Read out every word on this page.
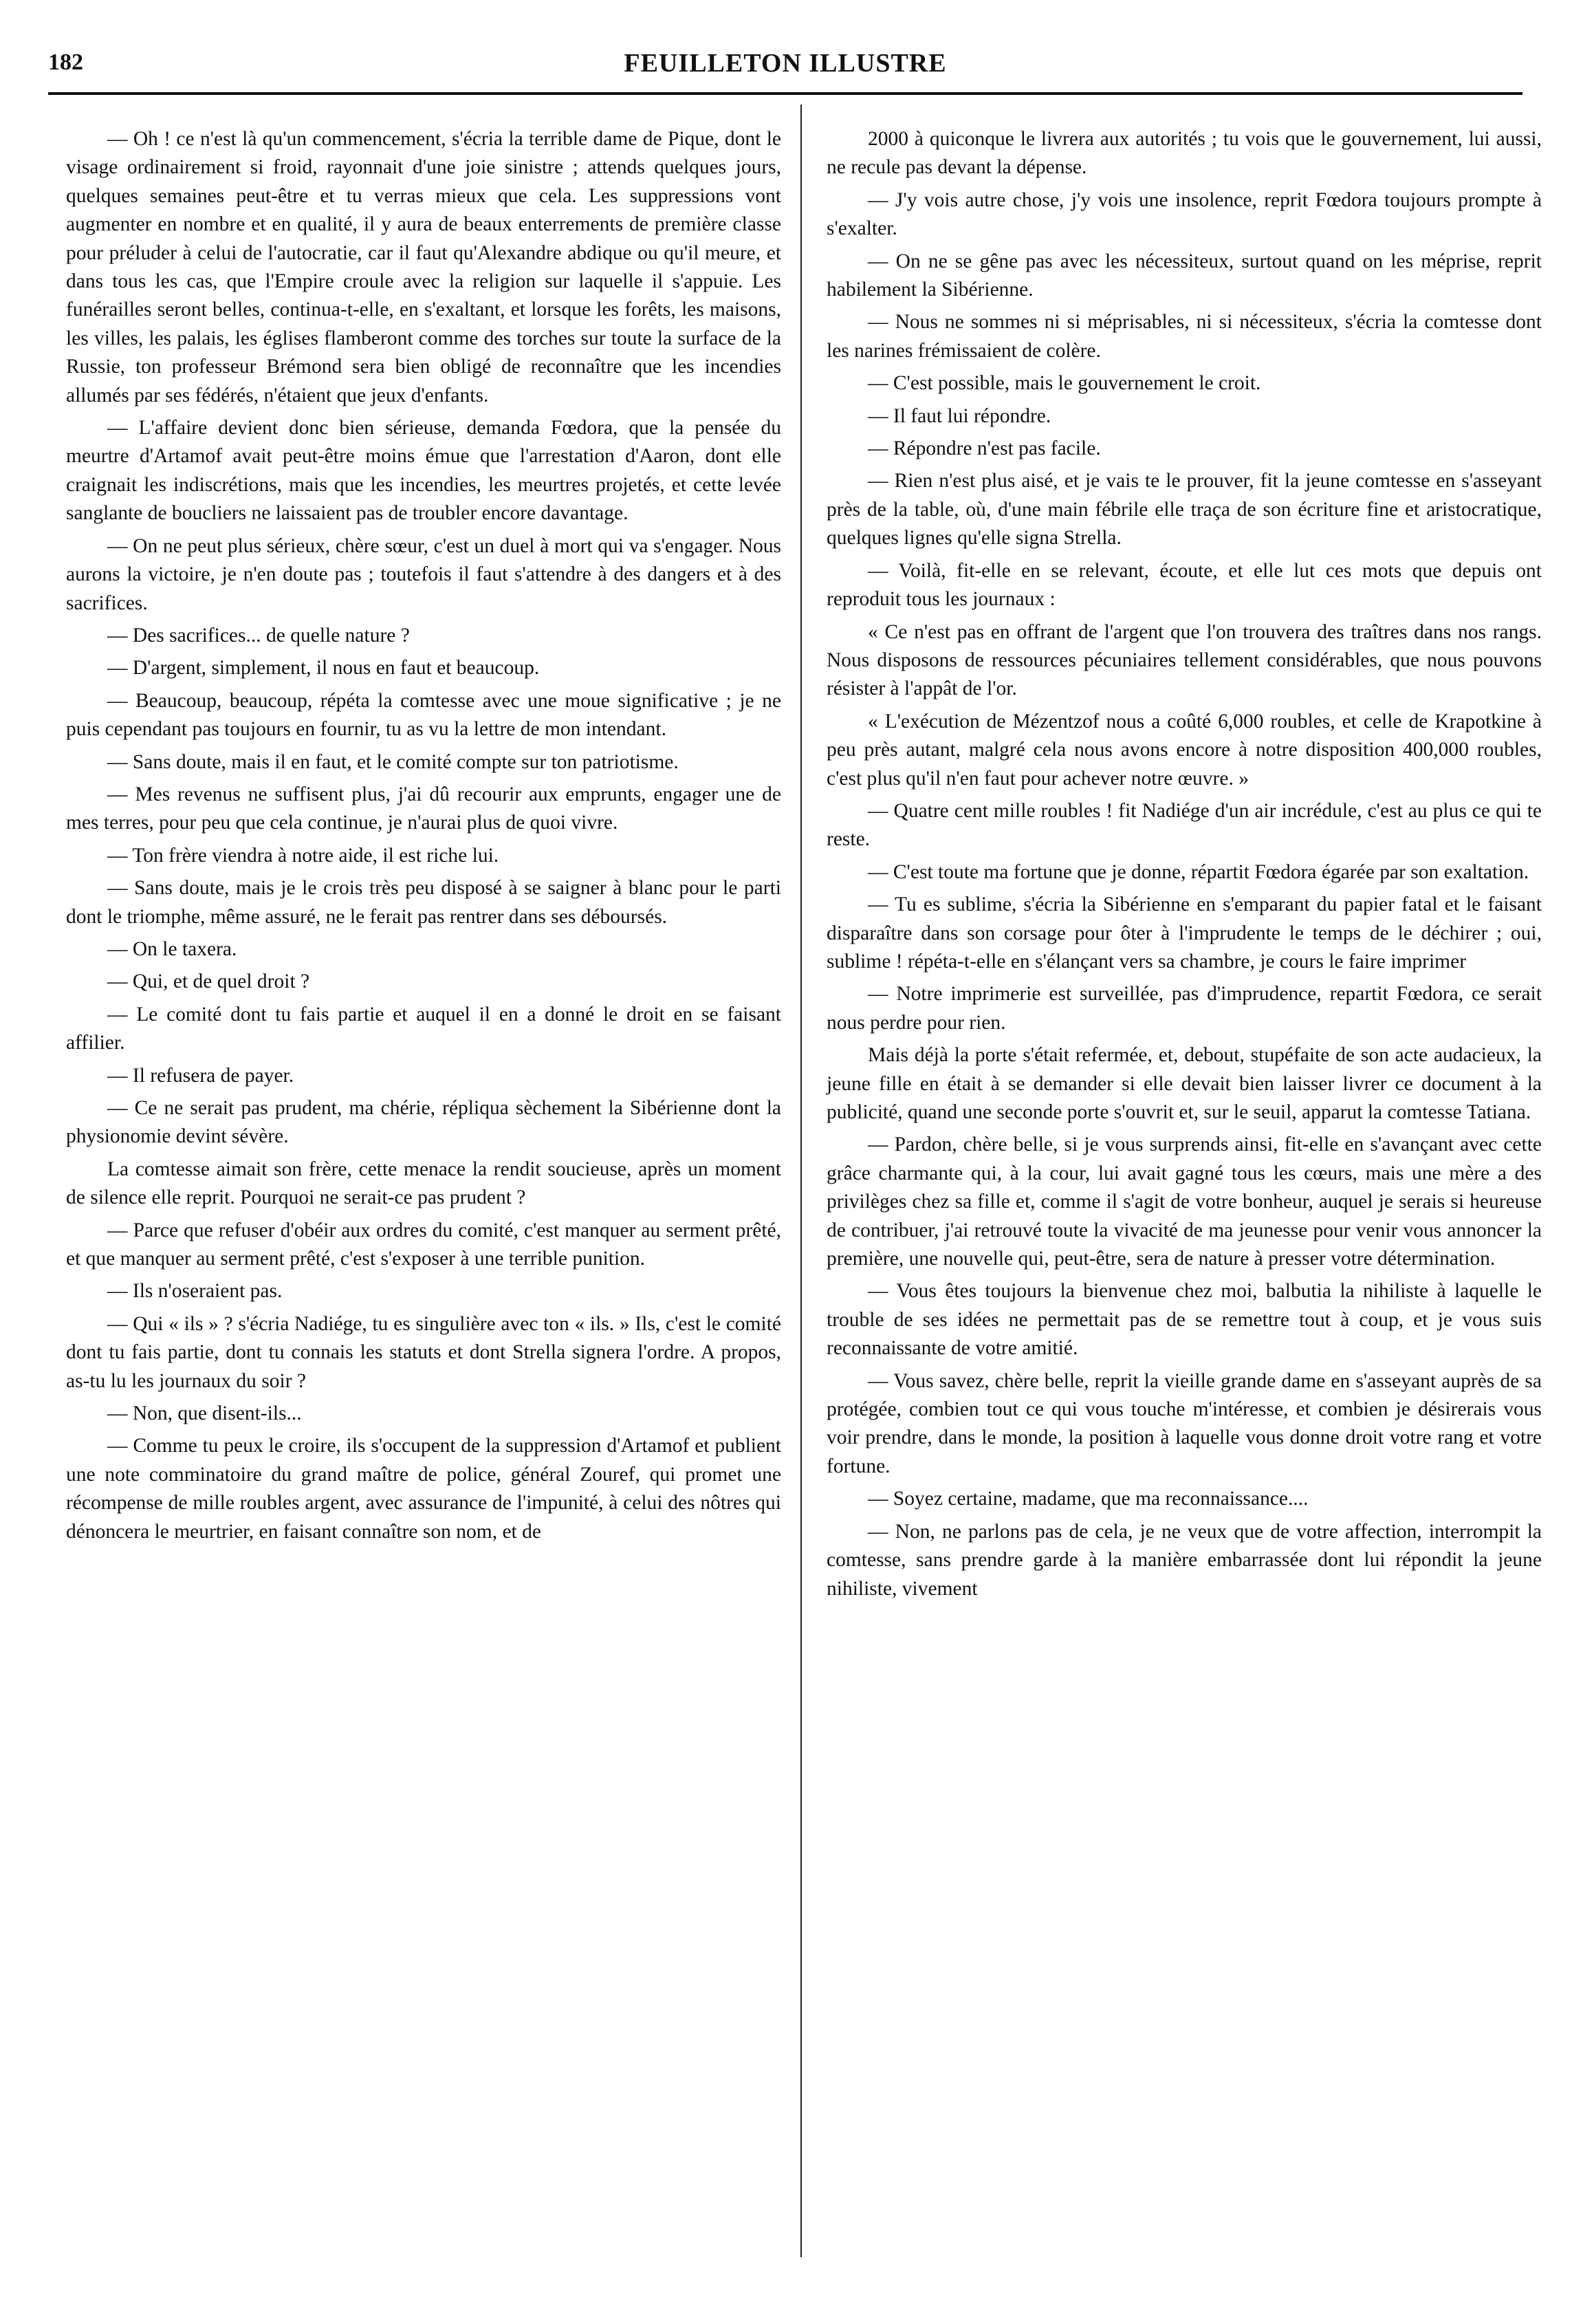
182	FEUILLETON ILLUSTRE

— Oh ! ce n'est là qu'un commencement, s'écria la terrible dame de Pique, dont le visage ordinairement si froid, rayonnait d'une joie sinistre ; attends quelques jours, quelques semaines peut-être et tu verras mieux que cela. Les suppressions vont augmenter en nombre et en qualité, il y aura de beaux enterrements de première classe pour préluder à celui de l'autocratie, car il faut qu'Alexandre abdique ou qu'il meure, et dans tous les cas, que l'Empire croule avec la religion sur laquelle il s'appuie. Les funérailles seront belles, continua-t-elle, en s'exaltant, et lorsque les forêts, les maisons, les villes, les palais, les églises flamberont comme des torches sur toute la surface de la Russie, ton professeur Brémond sera bien obligé de reconnaître que les incendies allumés par ses fédérés, n'étaient que jeux d'enfants.

— L'affaire devient donc bien sérieuse, demanda Fœdora, que la pensée du meurtre d'Artamof avait peut-être moins émue que l'arrestation d'Aaron, dont elle craignait les indiscrétions, mais que les incendies, les meurtres projetés, et cette levée sanglante de boucliers ne laissaient pas de troubler encore davantage.

— On ne peut plus sérieux, chère sœur, c'est un duel à mort qui va s'engager. Nous aurons la victoire, je n'en doute pas ; toutefois il faut s'attendre à des dangers et à des sacrifices.

— Des sacrifices... de quelle nature ?

— D'argent, simplement, il nous en faut et beaucoup.

— Beaucoup, beaucoup, répéta la comtesse avec une moue significative ; je ne puis cependant pas toujours en fournir, tu as vu la lettre de mon intendant.

— Sans doute, mais il en faut, et le comité compte sur ton patriotisme.

— Mes revenus ne suffisent plus, j'ai dû recourir aux emprunts, engager une de mes terres, pour peu que cela continue, je n'aurai plus de quoi vivre.

— Ton frère viendra à notre aide, il est riche lui.

— Sans doute, mais je le crois très peu disposé à se saigner à blanc pour le parti dont le triomphe, même assuré, ne le ferait pas rentrer dans ses déboursés.

— On le taxera.

— Qui, et de quel droit ?

— Le comité dont tu fais partie et auquel il en a donné le droit en se faisant affilier.

— Il refusera de payer.

— Ce ne serait pas prudent, ma chérie, répliqua sèchement la Sibérienne dont la physionomie devint sévère.

La comtesse aimait son frère, cette menace la rendit soucieuse, après un moment de silence elle reprit. Pourquoi ne serait-ce pas prudent ?

— Parce que refuser d'obéir aux ordres du comité, c'est manquer au serment prêté, et que manquer au serment prêté, c'est s'exposer à une terrible punition.

— Ils n'oseraient pas.

— Qui « ils » ? s'écria Nadiége, tu es singulière avec ton « ils. » Ils, c'est le comité dont tu fais partie, dont tu connais les statuts et dont Strella signera l'ordre. A propos, as-tu lu les journaux du soir ?

— Non, que disent-ils...

— Comme tu peux le croire, ils s'occupent de la suppression d'Artamof et publient une note comminatoire du grand maître de police, général Zouref, qui promet une récompense de mille roubles argent, avec assurance de l'impunité, à celui des nôtres qui dénoncera le meurtrier, en faisant connaître son nom, et de

2000 à quiconque le livrera aux autorités ; tu vois que le gouvernement, lui aussi, ne recule pas devant la dépense.

— J'y vois autre chose, j'y vois une insolence, reprit Fœdora toujours prompte à s'exalter.

— On ne se gêne pas avec les nécessiteux, surtout quand on les méprise, reprit habilement la Sibérienne.

— Nous ne sommes ni si méprisables, ni si nécessiteux, s'écria la comtesse dont les narines frémissaient de colère.

— C'est possible, mais le gouvernement le croit.

— Il faut lui répondre.

— Répondre n'est pas facile.

— Rien n'est plus aisé, et je vais te le prouver, fit la jeune comtesse en s'asseyant près de la table, où, d'une main fébrile elle traça de son écriture fine et aristocratique, quelques lignes qu'elle signa Strella.

— Voilà, fit-elle en se relevant, écoute, et elle lut ces mots que depuis ont reproduit tous les journaux :

« Ce n'est pas en offrant de l'argent que l'on trouvera des traîtres dans nos rangs. Nous disposons de ressources pécuniaires tellement considérables, que nous pouvons résister à l'appât de l'or.

« L'exécution de Mézentzof nous a coûté 6,000 roubles, et celle de Krapotkine à peu près autant, malgré cela nous avons encore à notre disposition 400,000 roubles, c'est plus qu'il n'en faut pour achever notre œuvre. »

— Quatre cent mille roubles ! fit Nadiége d'un air incrédule, c'est au plus ce qui te reste.

— C'est toute ma fortune que je donne, répartit Fœdora égarée par son exaltation.

— Tu es sublime, s'écria la Sibérienne en s'emparant du papier fatal et le faisant disparaître dans son corsage pour ôter à l'imprudente le temps de le déchirer ; oui, sublime ! répéta-t-elle en s'élançant vers sa chambre, je cours le faire imprimer

— Notre imprimerie est surveillée, pas d'imprudence, repartit Fœdora, ce serait nous perdre pour rien.

Mais déjà la porte s'était refermée, et, debout, stupéfaite de son acte audacieux, la jeune fille en était à se demander si elle devait bien laisser livrer ce document à la publicité, quand une seconde porte s'ouvrit et, sur le seuil, apparut la comtesse Tatiana.

— Pardon, chère belle, si je vous surprends ainsi, fit-elle en s'avançant avec cette grâce charmante qui, à la cour, lui avait gagné tous les cœurs, mais une mère a des privilèges chez sa fille et, comme il s'agit de votre bonheur, auquel je serais si heureuse de contribuer, j'ai retrouvé toute la vivacité de ma jeunesse pour venir vous annoncer la première, une nouvelle qui, peut-être, sera de nature à presser votre détermination.

— Vous êtes toujours la bienvenue chez moi, balbutia la nihiliste à laquelle le trouble de ses idées ne permettait pas de se remettre tout à coup, et je vous suis reconnaissante de votre amitié.

— Vous savez, chère belle, reprit la vieille grande dame en s'asseyant auprès de sa protégée, combien tout ce qui vous touche m'intéresse, et combien je désirerais vous voir prendre, dans le monde, la position à laquelle vous donne droit votre rang et votre fortune.

— Soyez certaine, madame, que ma reconnaissance....

— Non, ne parlons pas de cela, je ne veux que de votre affection, interrompit la comtesse, sans prendre garde à la manière embarrassée dont lui répondit la jeune nihiliste, vivement
